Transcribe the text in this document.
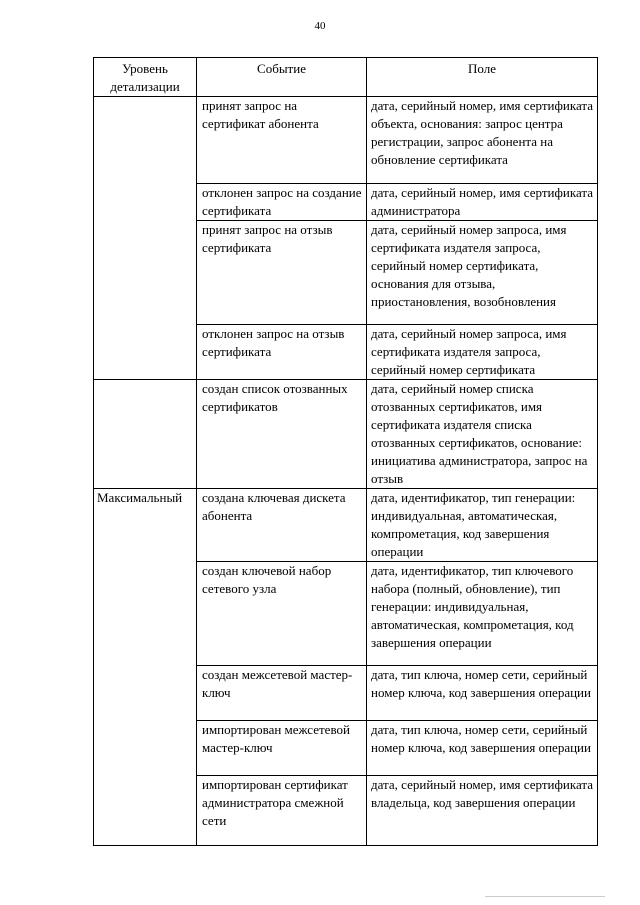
40
Уровень детализации	Событие	Поле
	принят запрос на сертификат абонента	дата, серийный номер, имя сертификата объекта, основания: запрос центра регистрации, запрос абонента на обновление сертификата
	отклонен запрос на создание сертификата	дата, серийный номер, имя сертификата администратора
	принят запрос на отзыв сертификата	дата, серийный номер запроса, имя сертификата издателя запроса, серийный номер сертификата, основания для отзыва, приостановления, возобновления
	отклонен запрос на отзыв сертификата	дата, серийный номер запроса, имя сертификата издателя запроса, серийный номер сертификата
	создан список отозванных сертификатов	дата, серийный номер списка отозванных сертификатов, имя сертификата издателя списка отозванных сертификатов, основание: инициатива администратора, запрос на отзыв
Максимальный	создана ключевая дискета абонента	дата, идентификатор, тип генерации: индивидуальная, автоматическая, компрометация, код завершения операции
	создан ключевой набор сетевого узла	дата, идентификатор, тип ключевого набора (полный, обновление), тип генерации: индивидуальная, автоматическая, компрометация, код завершения операции
	создан межсетевой мастер-ключ	дата, тип ключа, номер сети, серийный номер ключа, код завершения операции
	импортирован межсетевой мастер-ключ	дата, тип ключа, номер сети, серийный номер ключа, код завершения операции
	импортирован сертификат администратора смежной сети	дата, серийный номер, имя сертификата владельца, код завершения операции
